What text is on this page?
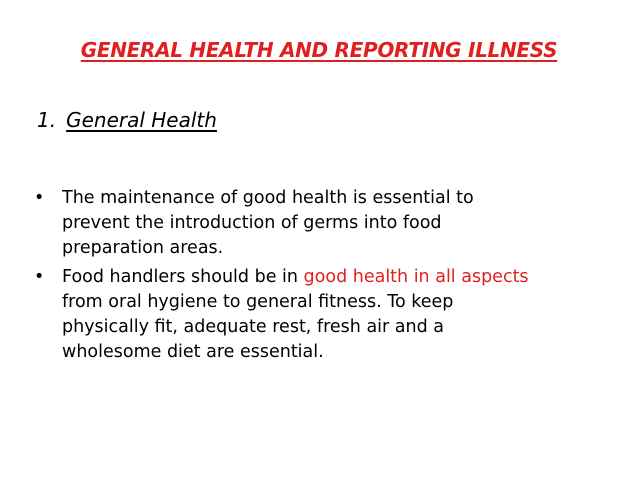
GENERAL HEALTH AND REPORTING ILLNESS
1. General Health
• The maintenance of good health is essential to
prevent the introduction of germs into food
preparation areas.
• Food handlers should be in good health in all aspects
from oral hygiene to general fitness. To keep
physically fit, adequate rest, fresh air and a
wholesome diet are essential.
